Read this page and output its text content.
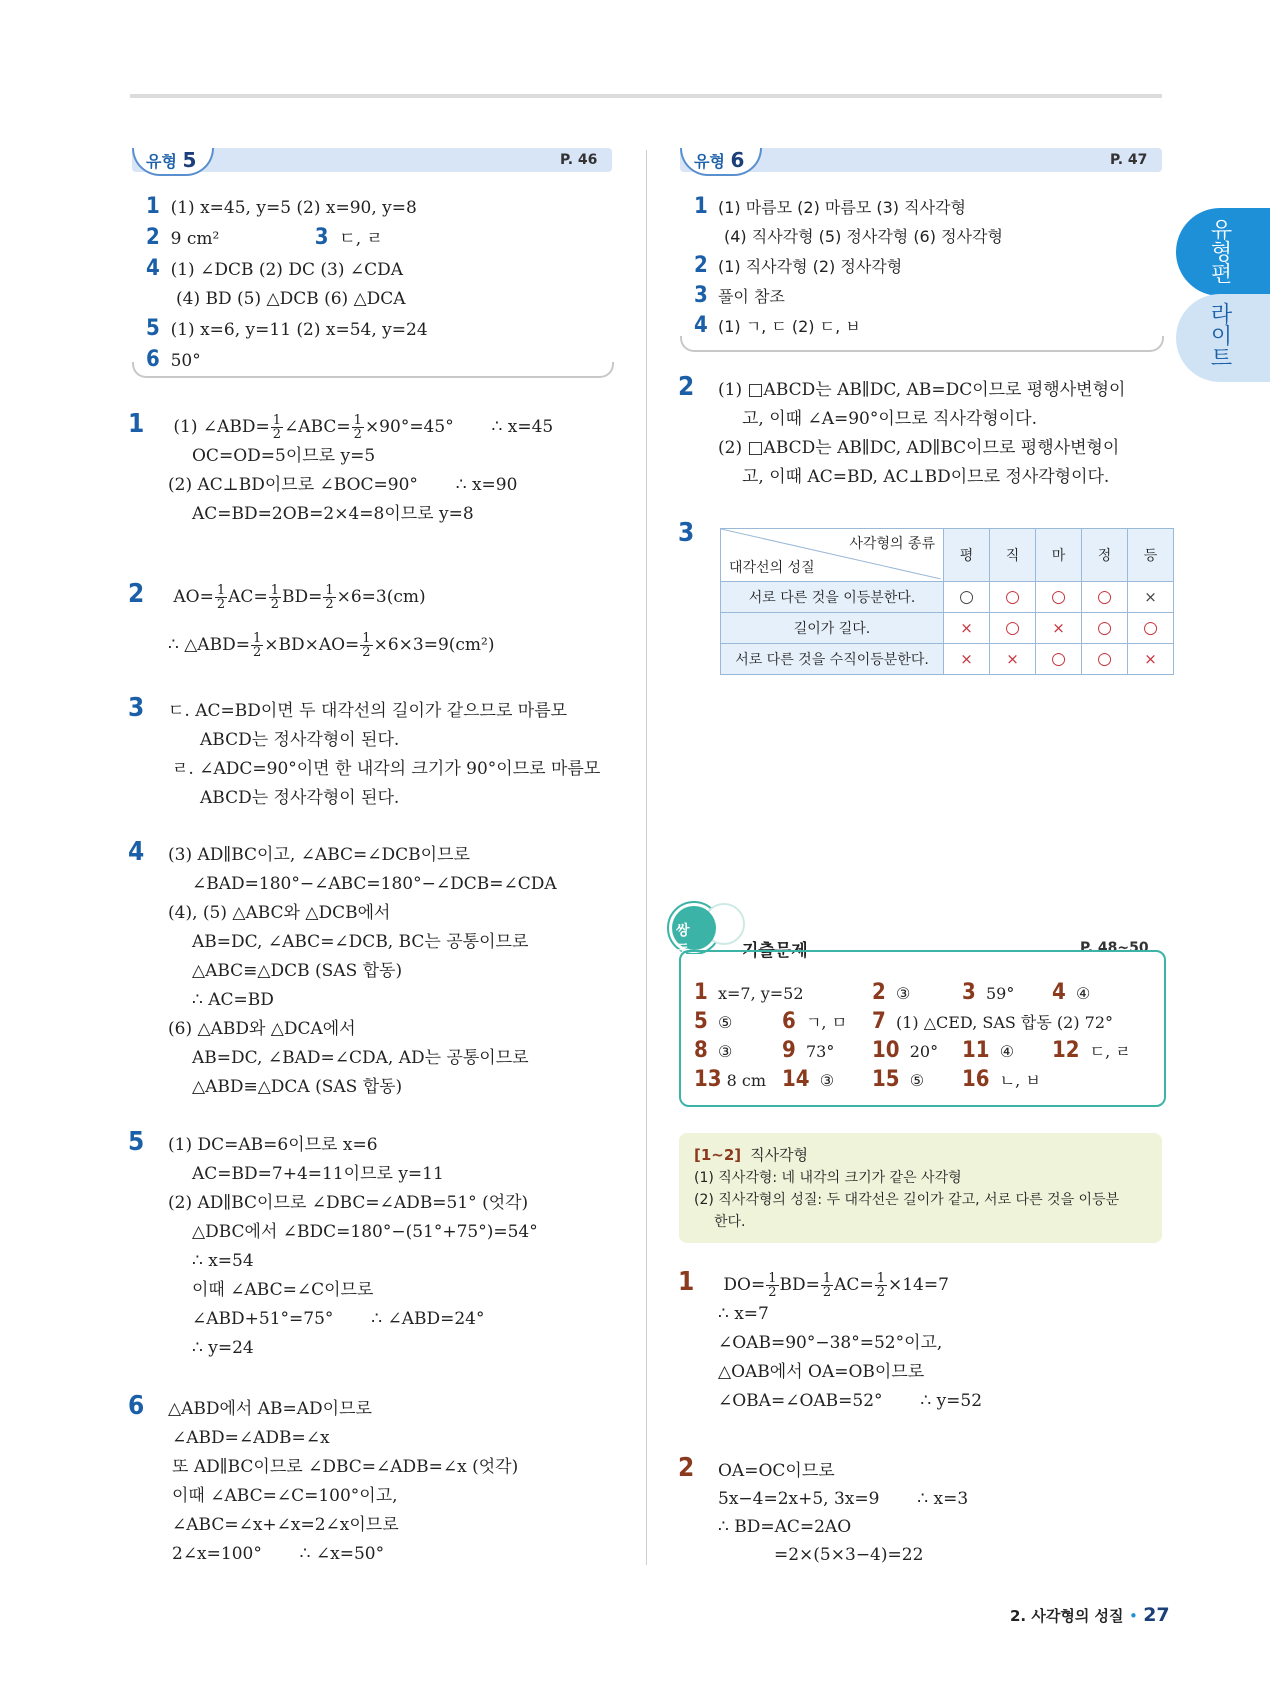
유형편
라이트
유형 5	P. 46
1 (1) x=45, y=5 (2) x=90, y=8
2 9 cm²	3 ㄷ, ㄹ
4 (1) ∠DCB (2) DC (3) ∠CDA
(4) BD (5) △DCB (6) △DCA
5 (1) x=6, y=11 (2) x=54, y=24
6 50°
1 (1) ∠ABD= $\frac{1}{2}$ ∠ABC= $\frac{1}{2} \times 90^\circ=45^\circ$ ∴ x=45
OC=OD=5이므로 y=5
(2) AC⊥BD이므로 ∠BOC=90° ∴ x=90
AC=BD=2OB=2×4=8이므로 y=8
2 $AO= \frac{1}{2} AC= \frac{1}{2} BD= \frac{1}{2} \times 6=3(cm)$
∴ △ABD= $\frac{1}{2} \times BD\times AO= \frac{1}{2} \times 6\times 3=9(cm^2)$
3 ㄷ. AC=BD이면 두 대각선의 길이가 같으므로 마름모
ABCD는 정사각형이 된다.
ㄹ. ∠ADC=90°이면 한 내각의 크기가 90°이므로 마름모
ABCD는 정사각형이 된다.
4 (3) AD∥BC이고, ∠ABC=∠DCB이므로
∠BAD=180°−∠ABC=180°−∠DCB=∠CDA
(4), (5) △ABC와 △DCB에서
AB=DC, ∠ABC=∠DCB, BC는 공통이므로
△ABC≡△DCB (SAS 합동)
∴ AC=BD
(6) △ABD와 △DCA에서
AB=DC, ∠BAD=∠CDA, AD는 공통이므로
△ABD≡△DCA (SAS 합동)
5 (1) DC=AB=6이므로 x=6
AC=BD=7+4=11이므로 y=11
(2) AD∥BC이므로 ∠DBC=∠ADB=51° (엇각)
△DBC에서 ∠BDC=180°−(51°+75°)=54°
∴ x=54
이때 ∠ABC=∠C이므로
∠ABD+51°=75° ∴ ∠ABD=24°
∴ y=24
6 △ABD에서 AB=AD이므로
∠ABD=∠ADB=∠x
또 AD∥BC이므로 ∠DBC=∠ADB=∠x (엇각)
이때 ∠ABC=∠C=100°이고,
∠ABC=∠x+∠x=2∠x이므로
2∠x=100° ∴ ∠x=50°
유형 6	P. 47
1 (1) 마름모 (2) 마름모 (3) 직사각형
(4) 직사각형 (5) 정사각형 (6) 정사각형
2 (1) 직사각형 (2) 정사각형
3 풀이 참조
4 (1) ㄱ, ㄷ (2) ㄷ, ㅂ
2 (1) □ABCD는 AB∥DC, AB=DC이므로 평행사변형이
고, 이때 ∠A=90°이므로 직사각형이다.
(2) □ABCD는 AB∥DC, AD∥BC이므로 평행사변형이
고, 이때 AC=BD, AC⊥BD이므로 정사각형이다.
3	사각형의 종류
대각선의 성질	평	직	마	정	등
서로 다른 것을 이등분한다.	○	○	○	○	×
길이가 길다.	×	○	×	○	○
서로 다른 것을 수직이등분한다.	×	×	○	○	×
쌍둥이
기출문제	P. 48~50
1 x=7, y=52	2 ③ 3 59° 4 ④
5 ⑤ 6 ㄱ, ㅁ 7 (1) △CED, SAS 합동 (2) 72°
8 ③ 9 73° 10 20° 11 ④ 12 ㄷ, ㄹ
13 8 cm 14 ③ 15 ⑤ 16 ㄴ, ㅂ
[1~2] 직사각형
(1) 직사각형: 네 내각의 크기가 같은 사각형
(2) 직사각형의 성질: 두 대각선은 길이가 같고, 서로 다른 것을 이등분
한다.
1 $DO= \frac{1}{2} BD= \frac{1}{2} AC= \frac{1}{2} \times 14=7$
∴ x=7
∠OAB=90°−38°=52°이고,
△OAB에서 OA=OB이므로
∠OBA=∠OAB=52° ∴ y=52
2 OA=OC이므로
5x−4=2x+5, 3x=9 ∴ x=3
∴ BD=AC=2AO
=2×(5×3−4)=22
2. 사각형의 성질 • 27
